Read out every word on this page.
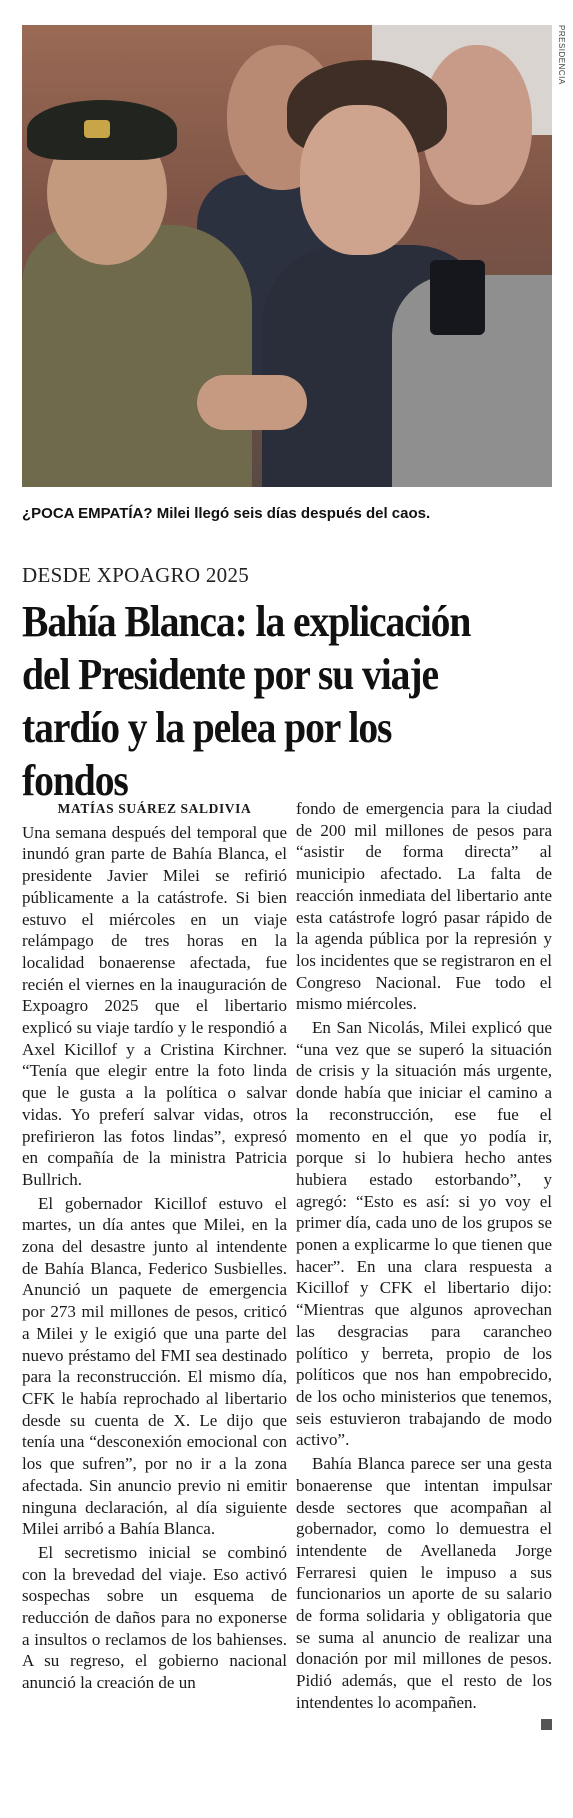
PRESIDENCIA
¿POCA EMPATÍA? Milei llegó seis días después del caos.
DESDE XPOAGRO 2025
Bahía Blanca: la explicación del Presidente por su viaje tardío y la pelea por los fondos

MATÍAS SUÁREZ SALDIVIA

Una semana después del temporal que inundó gran parte de Bahía Blanca, el presidente Javier Milei se refirió públicamente a la catástrofe. Si bien estuvo el miércoles en un viaje relámpago de tres horas en la localidad bonaerense afectada, fue recién el viernes en la inauguración de Expoagro 2025 que el libertario explicó su viaje tardío y le respondió a Axel Kicillof y a Cristina Kirchner. “Tenía que elegir entre la foto linda que le gusta a la política o salvar vidas. Yo preferí salvar vidas, otros prefirieron las fotos lindas”, expresó en compañía de la ministra Patricia Bullrich.

El gobernador Kicillof estuvo el martes, un día antes que Milei, en la zona del desastre junto al intendente de Bahía Blanca, Federico Susbielles. Anunció un paquete de emergencia por 273 mil millones de pesos, criticó a Milei y le exigió que una parte del nuevo préstamo del FMI sea destinado para la reconstrucción. El mismo día, CFK le había reprochado al libertario desde su cuenta de X. Le dijo que tenía una “desconexión emocional con los que sufren”, por no ir a la zona afectada. Sin anuncio previo ni emitir ninguna declaración, al día siguiente Milei arribó a Bahía Blanca.

El secretismo inicial se combinó con la brevedad del viaje. Eso activó sospechas sobre un esquema de reducción de daños para no exponerse a insultos o reclamos de los bahienses. A su regreso, el gobierno nacional anunció la creación de un

fondo de emergencia para la ciudad de 200 mil millones de pesos para “asistir de forma directa” al municipio afectado. La falta de reacción inmediata del libertario ante esta catástrofe logró pasar rápido de la agenda pública por la represión y los incidentes que se registraron en el Congreso Nacional. Fue todo el mismo miércoles.

En San Nicolás, Milei explicó que “una vez que se superó la situación de crisis y la situación más urgente, donde había que iniciar el camino a la reconstrucción, ese fue el momento en el que yo podía ir, porque si lo hubiera hecho antes hubiera estado estorbando”, y agregó: “Esto es así: si yo voy el primer día, cada uno de los grupos se ponen a explicarme lo que tienen que hacer”. En una clara respuesta a Kicillof y CFK el libertario dijo: “Mientras que algunos aprovechan las desgracias para carancheo político y berreta, propio de los políticos que nos han empobrecido, de los ocho ministerios que tenemos, seis estuvieron trabajando de modo activo”.

Bahía Blanca parece ser una gesta bonaerense que intentan impulsar desde sectores que acompañan al gobernador, como lo demuestra el intendente de Avellaneda Jorge Ferraresi quien le impuso a sus funcionarios un aporte de su salario de forma solidaria y obligatoria que se suma al anuncio de realizar una donación por mil millones de pesos. Pidió además, que el resto de los intendentes lo acompañen.
